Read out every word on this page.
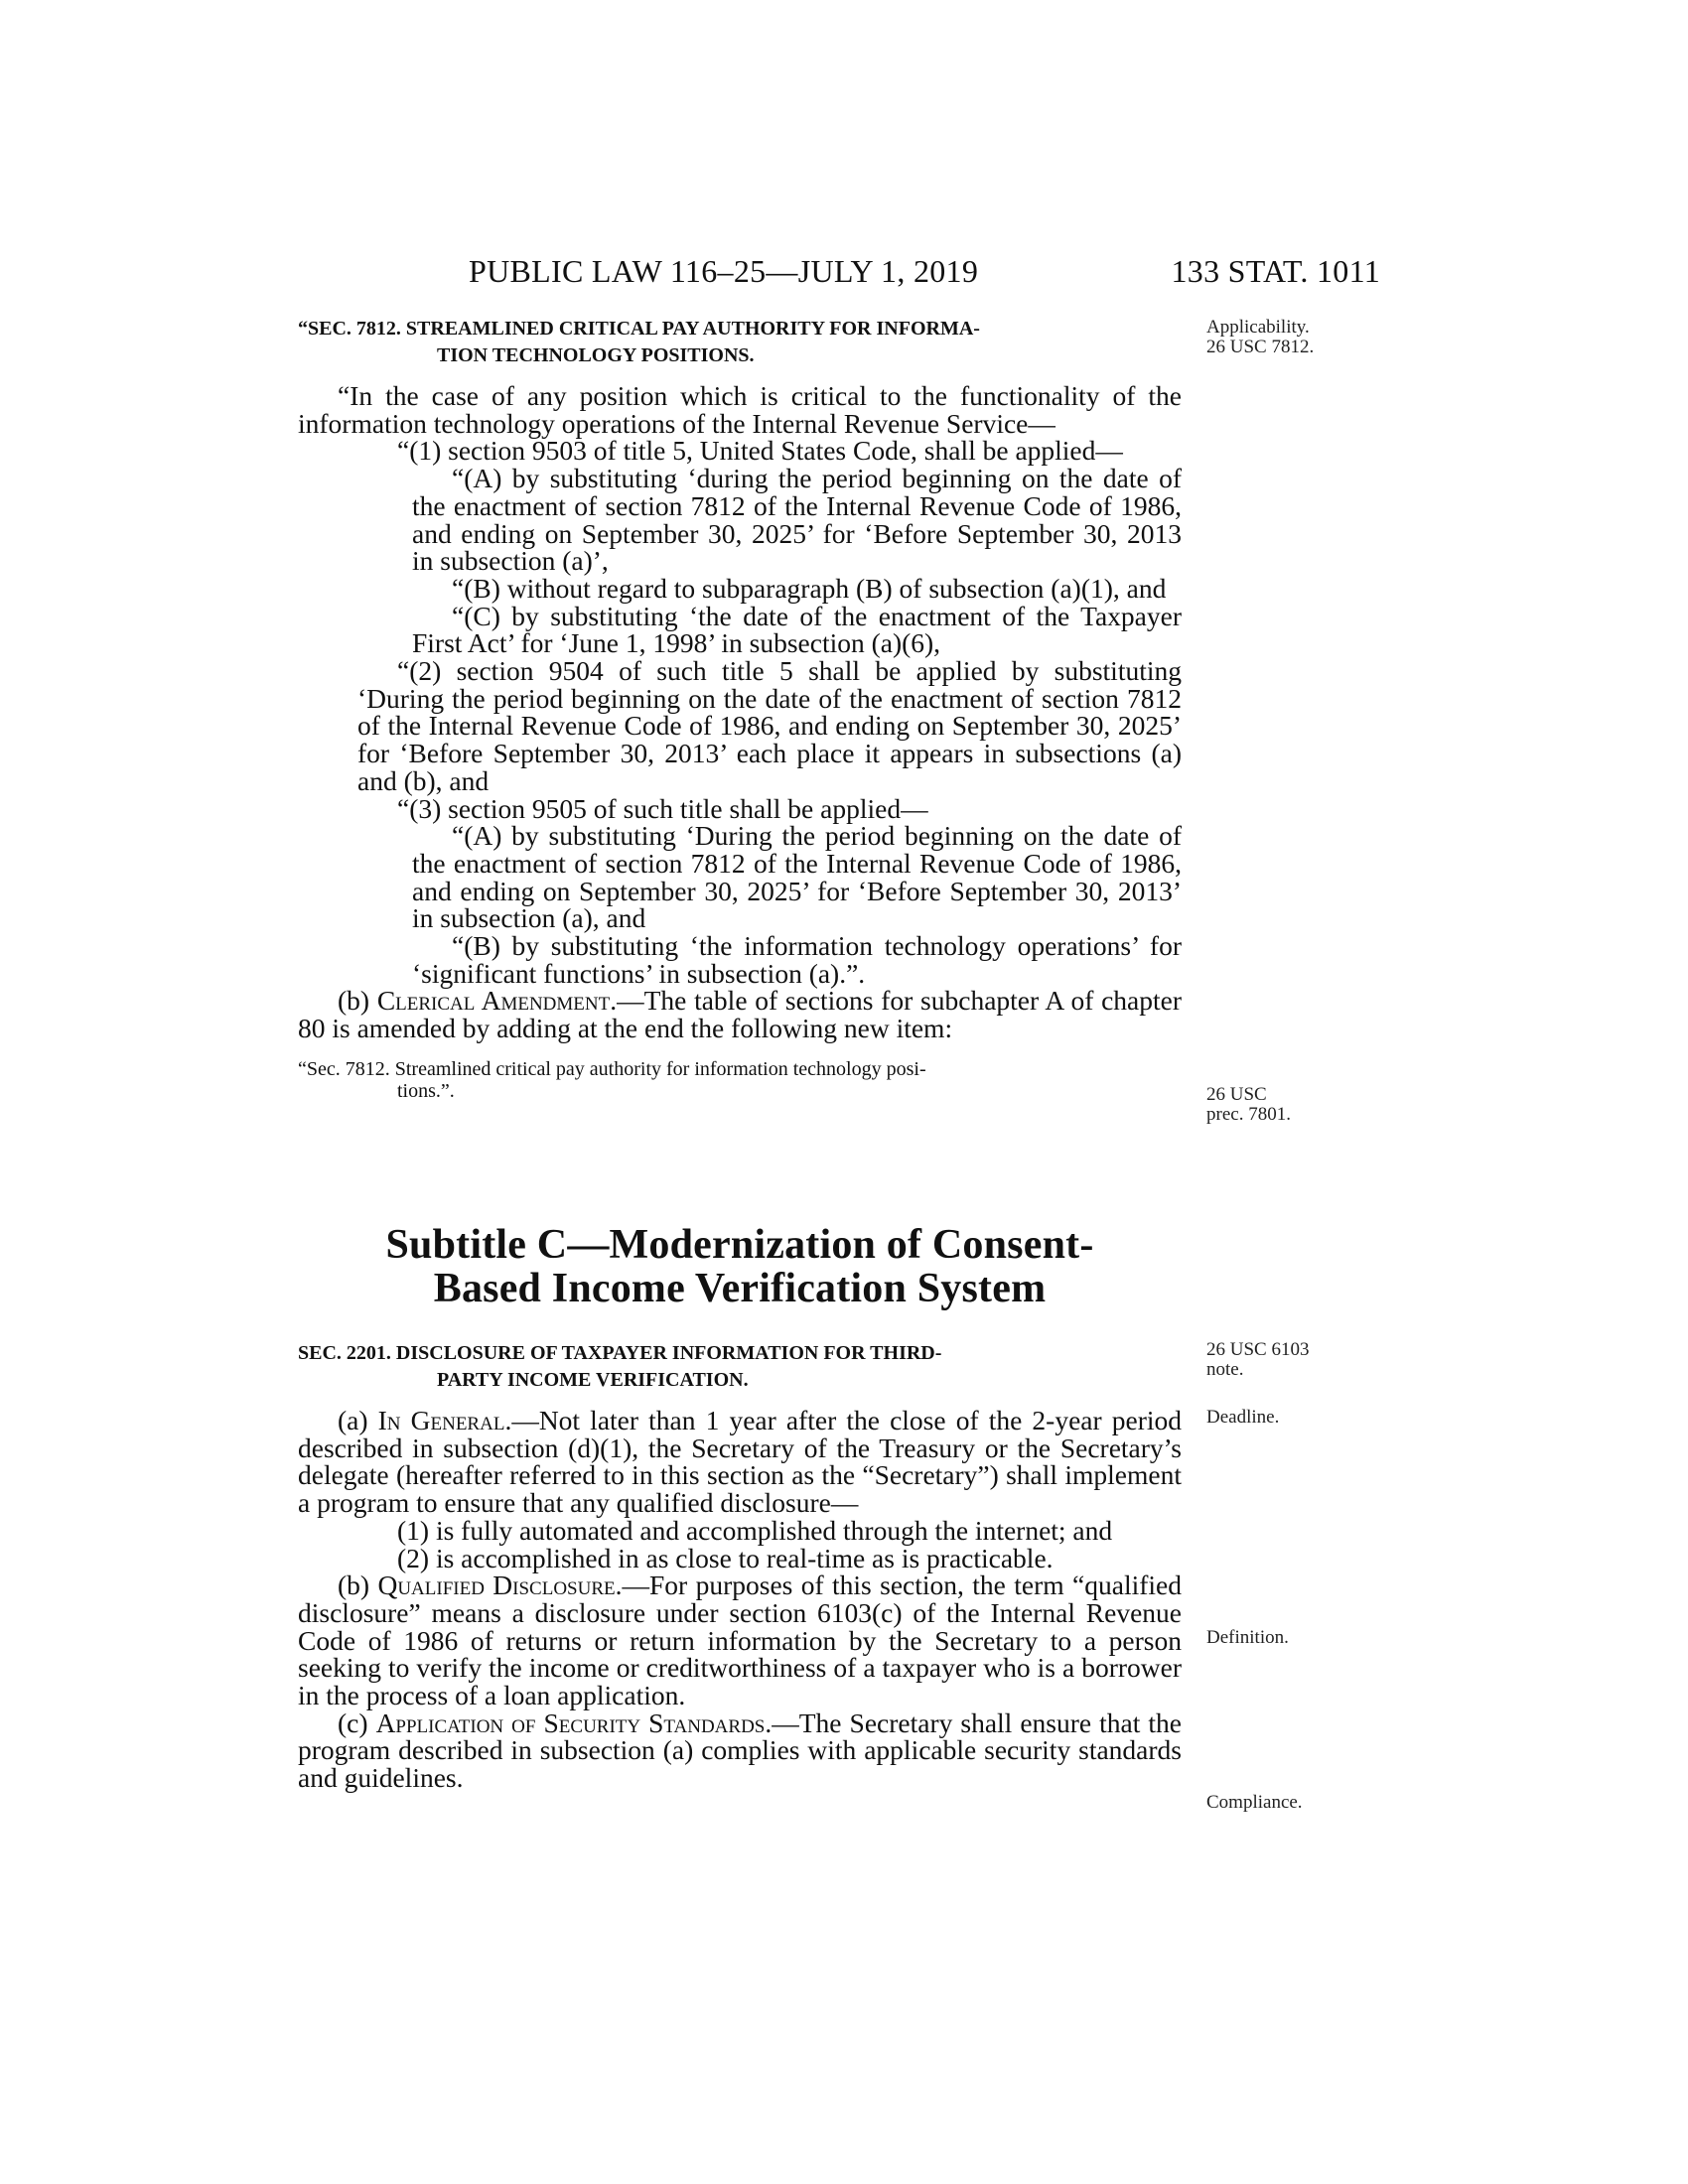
PUBLIC LAW 116–25—JULY 1, 2019	133 STAT. 1011
“SEC. 7812. STREAMLINED CRITICAL PAY AUTHORITY FOR INFORMA-
TION TECHNOLOGY POSITIONS.

“In the case of any position which is critical to the functionality of the information technology operations of the Internal Revenue Service—

“(1) section 9503 of title 5, United States Code, shall be applied—

“(A) by substituting ‘during the period beginning on the date of the enactment of section 7812 of the Internal Revenue Code of 1986, and ending on September 30, 2025’ for ‘Before September 30, 2013 in subsection (a)’,

“(B) without regard to subparagraph (B) of subsection (a)(1), and

“(C) by substituting ‘the date of the enactment of the Taxpayer First Act’ for ‘June 1, 1998’ in subsection (a)(6),

“(2) section 9504 of such title 5 shall be applied by substituting ‘During the period beginning on the date of the enactment of section 7812 of the Internal Revenue Code of 1986, and ending on September 30, 2025’ for ‘Before September 30, 2013’ each place it appears in subsections (a) and (b), and

“(3) section 9505 of such title shall be applied—

“(A) by substituting ‘During the period beginning on the date of the enactment of section 7812 of the Internal Revenue Code of 1986, and ending on September 30, 2025’ for ‘Before September 30, 2013’ in subsection (a), and

“(B) by substituting ‘the information technology operations’ for ‘significant functions’ in subsection (a).”.

(b) Clerical Amendment.—The table of sections for subchapter A of chapter 80 is amended by adding at the end the following new item:

“Sec. 7812. Streamlined critical pay authority for information technology posi-
tions.”.
Subtitle C—Modernization of Consent-
Based Income Verification System
SEC. 2201. DISCLOSURE OF TAXPAYER INFORMATION FOR THIRD-
PARTY INCOME VERIFICATION.

(a) In General.—Not later than 1 year after the close of the 2-year period described in subsection (d)(1), the Secretary of the Treasury or the Secretary’s delegate (hereafter referred to in this section as the “Secretary”) shall implement a program to ensure that any qualified disclosure—

(1) is fully automated and accomplished through the internet; and

(2) is accomplished in as close to real-time as is practicable.

(b) Qualified Disclosure.—For purposes of this section, the term “qualified disclosure” means a disclosure under section 6103(c) of the Internal Revenue Code of 1986 of returns or return information by the Secretary to a person seeking to verify the income or creditworthiness of a taxpayer who is a borrower in the process of a loan application.

(c) Application of Security Standards.—The Secretary shall ensure that the program described in subsection (a) complies with applicable security standards and guidelines.

Applicability.
26 USC 7812.
26 USC
prec. 7801.
26 USC 6103
note.
Deadline.
Definition.
Compliance.
